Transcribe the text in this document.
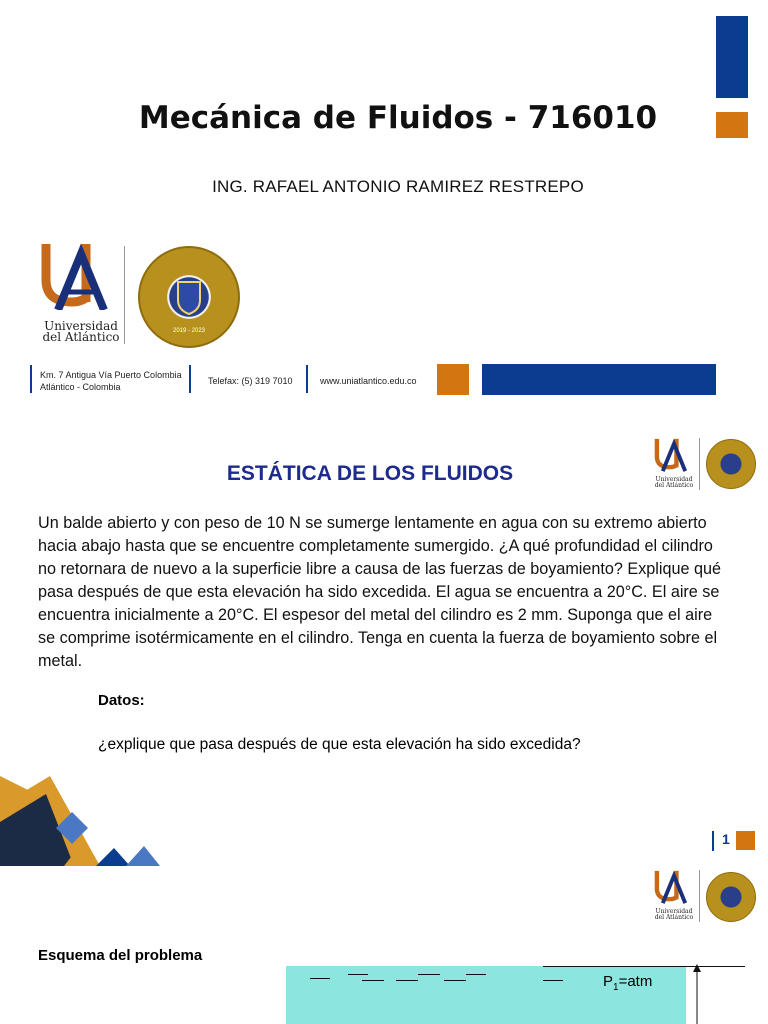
Mecánica de Fluidos - 716010
ING. RAFAEL ANTONIO RAMIREZ RESTREPO
Universidad
del Atlántico	2019 - 2023
Km. 7 Antigua Vía Puerto Colombia
Atlántico - Colombia
Telefax: (5) 319 7010	www.uniatlantico.edu.co
ESTÁTICA DE LOS FLUIDOS	Universidad
del Atlántico
Un balde abierto y con peso de 10 N se sumerge lentamente en agua con su extremo abierto hacia abajo hasta que se encuentre completamente sumergido. ¿A qué profundidad el cilindro no retornara de nuevo a la superficie libre a causa de las fuerzas de boyamiento? Explique qué pasa después de que esta elevación ha sido excedida. El agua se encuentra a 20°C. El aire se encuentra inicialmente a 20°C. El espesor del metal del cilindro es 2 mm. Suponga que el aire se comprime isotérmicamente en el cilindro. Tenga en cuenta la fuerza de boyamiento sobre el metal.
Datos:
¿explique que pasa después de que esta elevación ha sido excedida?
1
Universidad
del Atlántico
Esquema del problema
$P_1=atm$
